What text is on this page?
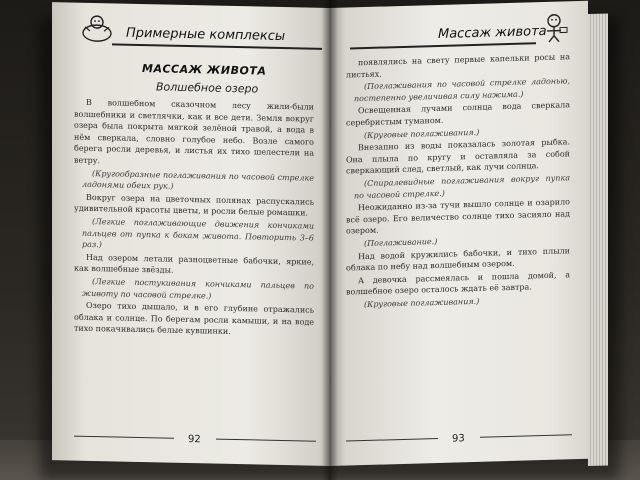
Примерные комплексы
МАССАЖ ЖИВОТА
Волшебное озеро

В волшебном сказочном лесу жили-были волшебники и светлячки, как и все дети. Земля вокруг озера была покрыта мягкой зелёной травой, а вода в нём сверкала, словно голубое небо. Возле самого берега росли деревья, и листья их тихо шелестели на ветру.

(Кругообразные поглаживания по часовой стрелке ладонями обеих рук.)

Вокруг озера на цветочных полянах распускались удивительной красоты цветы, и росли белые ромашки.

(Легкие поглаживающие движения кончиками пальцев от пупка к бокам живота. Повторить 3–6 раз.)

Над озером летали разноцветные бабочки, яркие, как волшебные звёзды.

(Легкие постукивания кончиками пальцев по животу по часовой стрелке.)

Озеро тихо дышало, и в его глубине отражались облака и солнце. По берегам росли камыши, и на воде тихо покачивались белые кувшинки.

92
Массаж живота

появлялись на свету первые капельки росы на листьях.

(Поглаживания по часовой стрелке ладонью, постепенно увеличивая силу нажима.)

Освещенная лучами солнца вода сверкала серебристым туманом.

(Круговые поглаживания.)

Внезапно из воды показалась золотая рыбка. Она плыла по кругу и оставляла за собой сверкающий след, светлый, как лучи солнца.

(Спиралевидные поглаживания вокруг пупка по часовой стрелке.)

Неожиданно из-за тучи вышло солнце и озарило всё озеро. Его величество солнце тихо засияло над озером.

(Поглаживание.)

Над водой кружились бабочки, и тихо плыли облака по небу над волшебным озером.

А девочка рассмеялась и пошла домой, а волшебное озеро осталось ждать её завтра.

(Круговые поглаживания.)

93
